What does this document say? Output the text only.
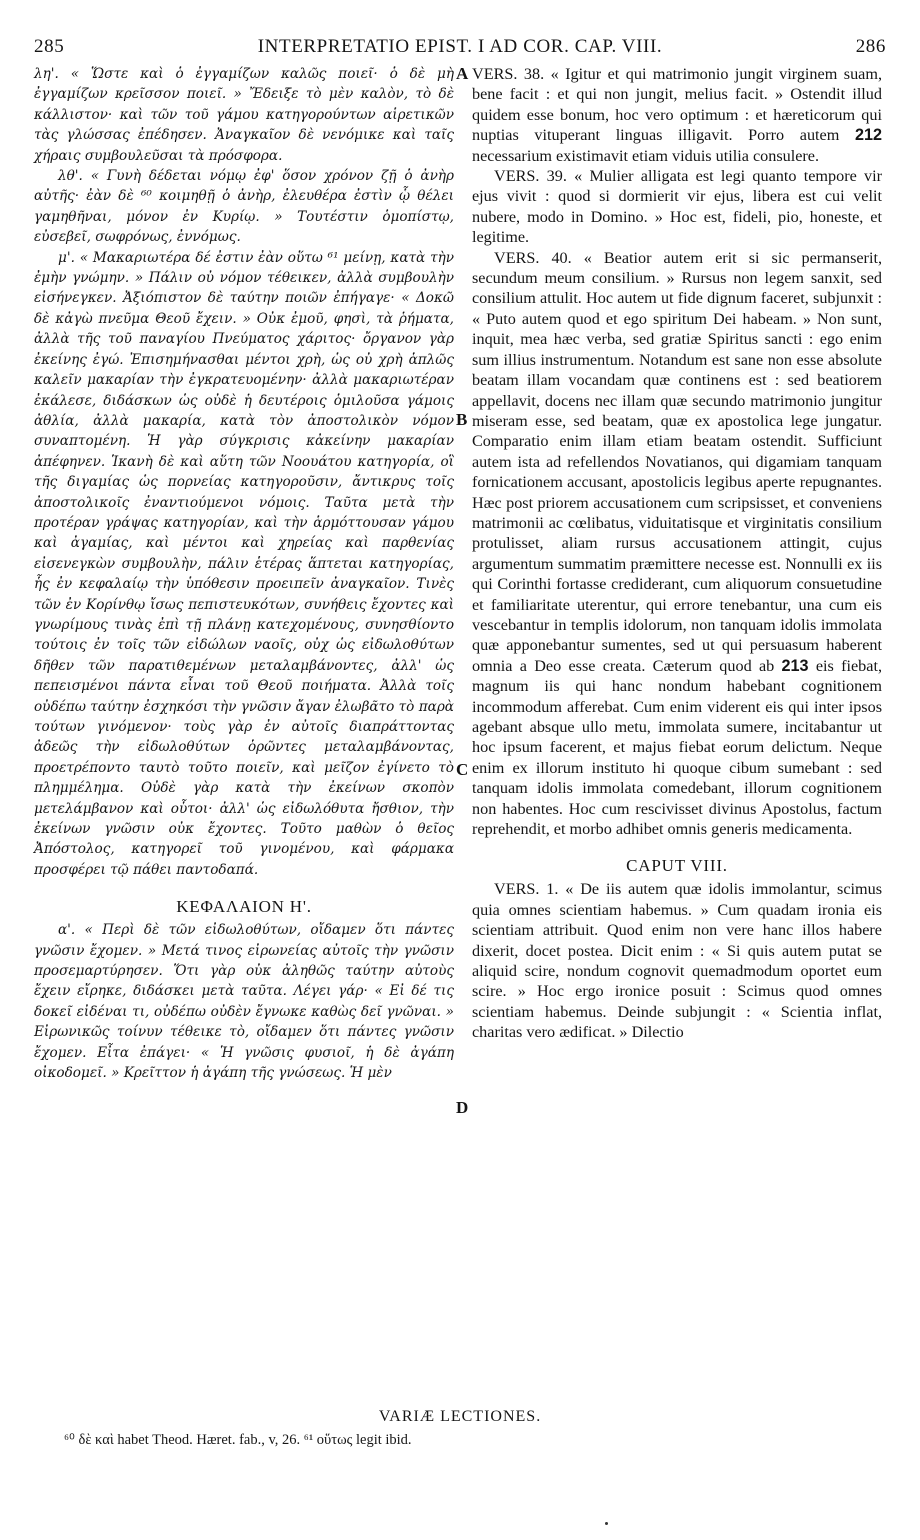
285	INTERPRETATIO EPIST. I AD COR. CAP. VIII.	286
A
B
C
D

λη'. « Ὥστε καὶ ὁ ἐγγαμίζων καλῶς ποιεῖ· ὁ δὲ μὴ ἐγγαμίζων κρεῖσσον ποιεῖ. » Ἔδειξε τὸ μὲν καλὸν, τὸ δὲ κάλλιστον· καὶ τῶν τοῦ γάμου κατηγορούντων αἱρετικῶν τὰς γλώσσας ἐπέδησεν. Ἀναγκαῖον δὲ νενόμικε καὶ ταῖς χήραις συμβουλεῦσαι τὰ πρόσφορα.

λθ'. « Γυνὴ δέδεται νόμῳ ἐφ' ὅσον χρόνον ζῇ ὁ ἀνὴρ αὐτῆς· ἐὰν δὲ ⁶⁰ κοιμηθῇ ὁ ἀνὴρ, ἐλευθέρα ἐστὶν ᾧ θέλει γαμηθῆναι, μόνον ἐν Κυρίῳ. » Τουτέστιν ὁμοπίστῳ, εὐσεβεῖ, σωφρόνως, ἐννόμως.

μ'. « Μακαριωτέρα δέ ἐστιν ἐὰν οὕτω ⁶¹ μείνῃ, κατὰ τὴν ἐμὴν γνώμην. » Πάλιν οὐ νόμον τέθεικεν, ἀλλὰ συμβουλὴν εἰσήνεγκεν. Ἀξιόπιστον δὲ ταύτην ποιῶν ἐπήγαγε· « Δοκῶ δὲ κἀγὼ πνεῦμα Θεοῦ ἔχειν. » Οὐκ ἐμοῦ, φησὶ, τὰ ῥήματα, ἀλλὰ τῆς τοῦ παναγίου Πνεύματος χάριτος· ὄργανον γὰρ ἐκείνης ἐγώ. Ἐπισημήνασθαι μέντοι χρὴ, ὡς οὐ χρὴ ἁπλῶς καλεῖν μακαρίαν τὴν ἐγκρατευομένην· ἀλλὰ μακαριωτέραν ἐκάλεσε, διδάσκων ὡς οὐδὲ ἡ δευτέροις ὁμιλοῦσα γάμοις ἀθλία, ἀλλὰ μακαρία, κατὰ τὸν ἀποστολικὸν νόμον συναπτομένη. Ἡ γὰρ σύγκρισις κἀκείνην μακαρίαν ἀπέφηνεν. Ἱκανὴ δὲ καὶ αὕτη τῶν Νοουάτου κατηγορία, οἳ τῆς διγαμίας ὡς πορνείας κατηγοροῦσιν, ἄντικρυς τοῖς ἀποστολικοῖς ἐναντιούμενοι νόμοις. Ταῦτα μετὰ τὴν προτέραν γράψας κατηγορίαν, καὶ τὴν ἁρμόττουσαν γάμου καὶ ἀγαμίας, καὶ μέντοι καὶ χηρείας καὶ παρθενίας εἰσενεγκὼν συμβουλὴν, πάλιν ἑτέρας ἅπτεται κατηγορίας, ἧς ἐν κεφαλαίῳ τὴν ὑπόθεσιν προειπεῖν ἀναγκαῖον. Τινὲς τῶν ἐν Κορίνθῳ ἴσως πεπιστευκότων, συνήθεις ἔχοντες καὶ γνωρίμους τινὰς ἐπὶ τῇ πλάνῃ κατεχομένους, συνησθίοντο τούτοις ἐν τοῖς τῶν εἰδώλων ναοῖς, οὐχ ὡς εἰδωλοθύτων δῆθεν τῶν παρατιθεμένων μεταλαμβάνοντες, ἀλλ' ὡς πεπεισμένοι πάντα εἶναι τοῦ Θεοῦ ποιήματα. Ἀλλὰ τοῖς οὐδέπω ταύτην ἐσχηκόσι τὴν γνῶσιν ἄγαν ἐλωβᾶτο τὸ παρὰ τούτων γινόμενον· τοὺς γὰρ ἐν αὐτοῖς διαπράττοντας ἀδεῶς τὴν εἰδωλοθύτων ὁρῶντες μεταλαμβάνοντας, προετρέποντο ταυτὸ τοῦτο ποιεῖν, καὶ μεῖζον ἐγίνετο τὸ πλημμέλημα. Οὐδὲ γὰρ κατὰ τὴν ἐκείνων σκοπὸν μετελάμβανον καὶ οὗτοι· ἀλλ' ὡς εἰδωλόθυτα ἤσθιον, τὴν ἐκείνων γνῶσιν οὐκ ἔχοντες. Τοῦτο μαθὼν ὁ θεῖος Ἀπόστολος, κατηγορεῖ τοῦ γινομένου, καὶ φάρμακα προσφέρει τῷ πάθει παντοδαπά.

ΚΕΦΑΛΑΙΟΝ Η'.

α'. « Περὶ δὲ τῶν εἰδωλοθύτων, οἴδαμεν ὅτι πάντες γνῶσιν ἔχομεν. » Μετά τινος εἰρωνείας αὐτοῖς τὴν γνῶσιν προσεμαρτύρησεν. Ὅτι γὰρ οὐκ ἀληθῶς ταύτην αὐτοὺς ἔχειν εἴρηκε, διδάσκει μετὰ ταῦτα. Λέγει γάρ· « Εἰ δέ τις δοκεῖ εἰδέναι τι, οὐδέπω οὐδὲν ἔγνωκε καθὼς δεῖ γνῶναι. » Εἰρωνικῶς τοίνυν τέθεικε τὸ, οἴδαμεν ὅτι πάντες γνῶσιν ἔχομεν. Εἶτα ἐπάγει· « Ἡ γνῶσις φυσιοῖ, ἡ δὲ ἀγάπη οἰκοδομεῖ. » Κρεῖττον ἡ ἀγάπη τῆς γνώσεως. Ἡ μὲν

VERS. 38. « Igitur et qui matrimonio jungit virginem suam, bene facit : et qui non jungit, melius facit. » Ostendit illud quidem esse bonum, hoc vero optimum : et hæreticorum qui nuptias vituperant linguas illigavit. Porro autem 212 necessarium existimavit etiam viduis utilia consulere.

VERS. 39. « Mulier alligata est legi quanto tempore vir ejus vivit : quod si dormierit vir ejus, libera est cui velit nubere, modo in Domino. » Hoc est, fideli, pio, honeste, et legitime.

VERS. 40. « Beatior autem erit si sic permanserit, secundum meum consilium. » Rursus non legem sanxit, sed consilium attulit. Hoc autem ut fide dignum faceret, subjunxit : « Puto autem quod et ego spiritum Dei habeam. » Non sunt, inquit, mea hæc verba, sed gratiæ Spiritus sancti : ego enim sum illius instrumentum. Notandum est sane non esse absolute beatam illam vocandam quæ continens est : sed beatiorem appellavit, docens nec illam quæ secundo matrimonio jungitur miseram esse, sed beatam, quæ ex apostolica lege jungatur. Comparatio enim illam etiam beatam ostendit. Sufficiunt autem ista ad refellendos Novatianos, qui digamiam tanquam fornicationem accusant, apostolicis legibus aperte repugnantes. Hæc post priorem accusationem cum scripsisset, et conveniens matrimonii ac cœlibatus, viduitatisque et virginitatis consilium protulisset, aliam rursus accusationem attingit, cujus argumentum summatim præmittere necesse est. Nonnulli ex iis qui Corinthi fortasse crediderant, cum aliquorum consuetudine et familiaritate uterentur, qui errore tenebantur, una cum eis vescebantur in templis idolorum, non tanquam idolis immolata quæ apponebantur sumentes, sed ut qui persuasum haberent omnia a Deo esse creata. Cæterum quod ab 213 eis fiebat, magnum iis qui hanc nondum habebant cognitionem incommodum afferebat. Cum enim viderent eis qui inter ipsos agebant absque ullo metu, immolata sumere, incitabantur ut hoc ipsum facerent, et majus fiebat eorum delictum. Neque enim ex illorum instituto hi quoque cibum sumebant : sed tanquam idolis immolata comedebant, illorum cognitionem non habentes. Hoc cum rescivisset divinus Apostolus, factum reprehendit, et morbo adhibet omnis generis medicamenta.

CAPUT VIII.

VERS. 1. « De iis autem quæ idolis immolantur, scimus quia omnes scientiam habemus. » Cum quadam ironia eis scientiam attribuit. Quod enim non vere hanc illos habere dixerit, docet postea. Dicit enim : « Si quis autem putat se aliquid scire, nondum cognovit quemadmodum oportet eum scire. » Hoc ergo ironice posuit : Scimus quod omnes scientiam habemus. Deinde subjungit : « Scientia inflat, charitas vero ædificat. » Dilectio

VARIÆ LECTIONES.
⁶⁰ δὲ καὶ habet Theod. Hæret. fab., v, 26. ⁶¹ οὕτως legit ibid.
